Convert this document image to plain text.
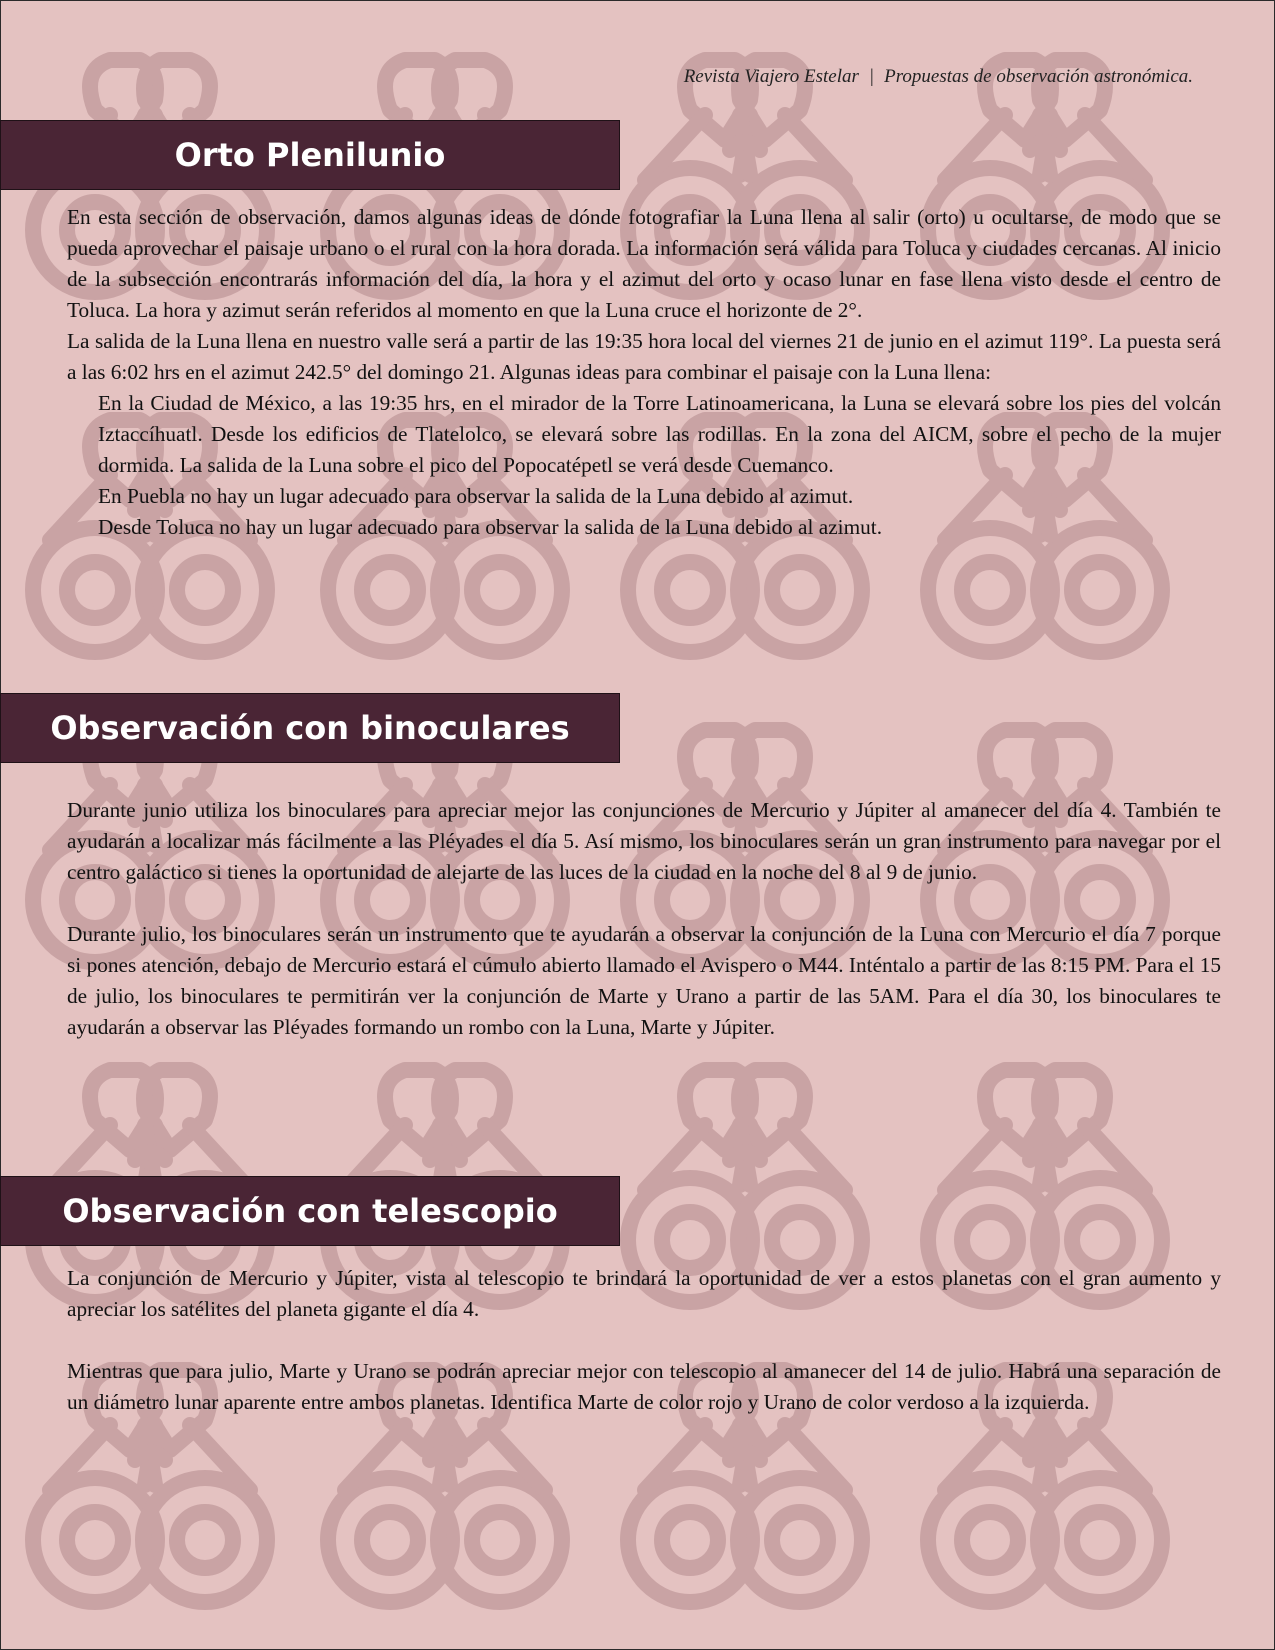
Revista Viajero Estelar | Propuestas de observación astronómica.
Orto Plenilunio

En esta sección de observación, damos algunas ideas de dónde fotografiar la Luna llena al salir (orto) u ocultarse, de modo que se pueda aprovechar el paisaje urbano o el rural con la hora dorada. La información será válida para Toluca y ciudades cercanas. Al inicio de la subsección encontrarás información del día, la hora y el azimut del orto y ocaso lunar en fase llena visto desde el centro de Toluca. La hora y azimut serán referidos al momento en que la Luna cruce el horizonte de 2°.

La salida de la Luna llena en nuestro valle será a partir de las 19:35 hora local del viernes 21 de junio en el azimut 119°. La puesta será a las 6:02 hrs en el azimut 242.5° del domingo 21. Algunas ideas para combinar el paisaje con la Luna llena:

En la Ciudad de México, a las 19:35 hrs, en el mirador de la Torre Latinoamericana, la Luna se elevará sobre los pies del volcán Iztaccíhuatl. Desde los edificios de Tlatelolco, se elevará sobre las rodillas. En la zona del AICM, sobre el pecho de la mujer dormida. La salida de la Luna sobre el pico del Popocatépetl se verá desde Cuemanco.
En Puebla no hay un lugar adecuado para observar la salida de la Luna debido al azimut.
Desde Toluca no hay un lugar adecuado para observar la salida de la Luna debido al azimut.
Observación con binoculares

Durante junio utiliza los binoculares para apreciar mejor las conjunciones de Mercurio y Júpiter al amanecer del día 4. También te ayudarán a localizar más fácilmente a las Pléyades el día 5. Así mismo, los binoculares serán un gran instrumento para navegar por el centro galáctico si tienes la oportunidad de alejarte de las luces de la ciudad en la noche del 8 al 9 de junio.

Durante julio, los binoculares serán un instrumento que te ayudarán a observar la conjunción de la Luna con Mercurio el día 7 porque si pones atención, debajo de Mercurio estará el cúmulo abierto llamado el Avispero o M44. Inténtalo a partir de las 8:15 PM. Para el 15 de julio, los binoculares te permitirán ver la conjunción de Marte y Urano a partir de las 5AM. Para el día 30, los binoculares te ayudarán a observar las Pléyades formando un rombo con la Luna, Marte y Júpiter.

Observación con telescopio

La conjunción de Mercurio y Júpiter, vista al telescopio te brindará la oportunidad de ver a estos planetas con el gran aumento y apreciar los satélites del planeta gigante el día 4.

Mientras que para julio, Marte y Urano se podrán apreciar mejor con telescopio al amanecer del 14 de julio. Habrá una separación de un diámetro lunar aparente entre ambos planetas. Identifica Marte de color rojo y Urano de color verdoso a la izquierda.
